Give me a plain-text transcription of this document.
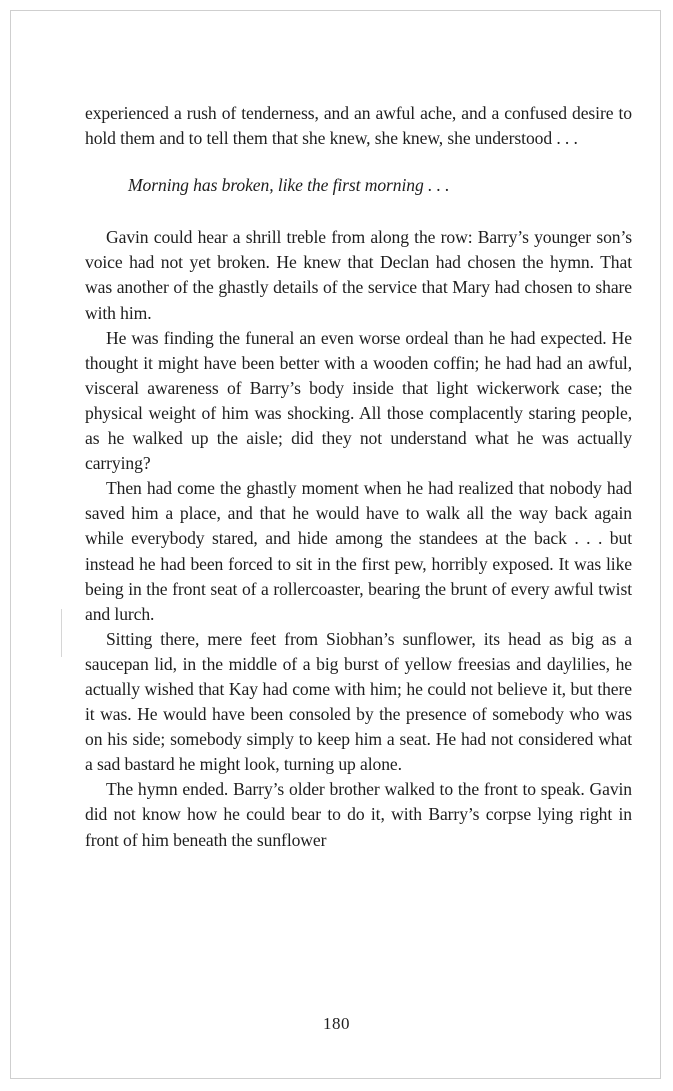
experienced a rush of tenderness, and an awful ache, and a confused desire to hold them and to tell them that she knew, she knew, she understood . . .

Morning has broken, like the first morning . . .

Gavin could hear a shrill treble from along the row: Barry’s younger son’s voice had not yet broken. He knew that Declan had chosen the hymn. That was another of the ghastly details of the service that Mary had chosen to share with him.

He was finding the funeral an even worse ordeal than he had expected. He thought it might have been better with a wooden coffin; he had had an awful, visceral awareness of Barry’s body inside that light wickerwork case; the physical weight of him was shocking. All those complacently staring people, as he walked up the aisle; did they not understand what he was actually carrying?

Then had come the ghastly moment when he had realized that nobody had saved him a place, and that he would have to walk all the way back again while everybody stared, and hide among the standees at the back . . . but instead he had been forced to sit in the first pew, horribly exposed. It was like being in the front seat of a rollercoaster, bearing the brunt of every awful twist and lurch.

Sitting there, mere feet from Siobhan’s sunflower, its head as big as a saucepan lid, in the middle of a big burst of yellow freesias and daylilies, he actually wished that Kay had come with him; he could not believe it, but there it was. He would have been consoled by the presence of somebody who was on his side; somebody simply to keep him a seat. He had not considered what a sad bastard he might look, turning up alone.

The hymn ended. Barry’s older brother walked to the front to speak. Gavin did not know how he could bear to do it, with Barry’s corpse lying right in front of him beneath the sunflower

180
